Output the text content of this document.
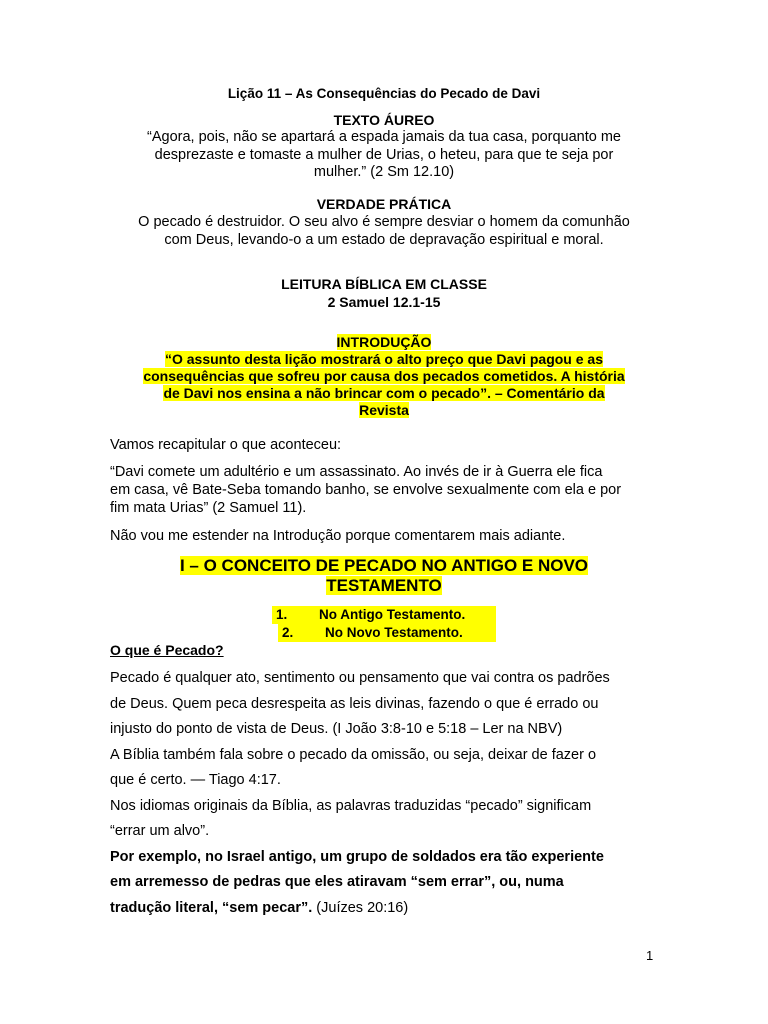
Lição 11 – As Consequências do Pecado de Davi
TEXTO ÁUREO
“Agora, pois, não se apartará a espada jamais da tua casa, porquanto me
desprezaste e tomaste a mulher de Urias, o heteu, para que te seja por
mulher.” (2 Sm 12.10)
VERDADE PRÁTICA
O pecado é destruidor. O seu alvo é sempre desviar o homem da comunhão
com Deus, levando-o a um estado de depravação espiritual e moral.
LEITURA BÍBLICA EM CLASSE
2 Samuel 12.1-15
INTRODUÇÃO
“O assunto desta lição mostrará o alto preço que Davi pagou e as
consequências que sofreu por causa dos pecados cometidos. A história
de Davi nos ensina a não brincar com o pecado”. – Comentário da
Revista
Vamos recapitular o que aconteceu:
“Davi comete um adultério e um assassinato. Ao invés de ir à Guerra ele fica
em casa, vê Bate-Seba tomando banho, se envolve sexualmente com ela e por
fim mata Urias” (2 Samuel 11).
Não vou me estender na Introdução porque comentarem mais adiante.
I – O CONCEITO DE PECADO NO ANTIGO E NOVO
TESTAMENTO
1. No Antigo Testamento.
2. No Novo Testamento.
O que é Pecado?
Pecado é qualquer ato, sentimento ou pensamento que vai contra os padrões
de Deus. Quem peca desrespeita as leis divinas, fazendo o que é errado ou
injusto do ponto de vista de Deus. (I João 3:8-10 e 5:18 – Ler na NBV)
A Bíblia também fala sobre o pecado da omissão, ou seja, deixar de fazer o
que é certo. — Tiago 4:17.
Nos idiomas originais da Bíblia, as palavras traduzidas “pecado” significam
“errar um alvo”.
Por exemplo, no Israel antigo, um grupo de soldados era tão experiente
em arremesso de pedras que eles atiravam “sem errar”, ou, numa
tradução literal, “sem pecar”. (Juízes 20:16)
1
